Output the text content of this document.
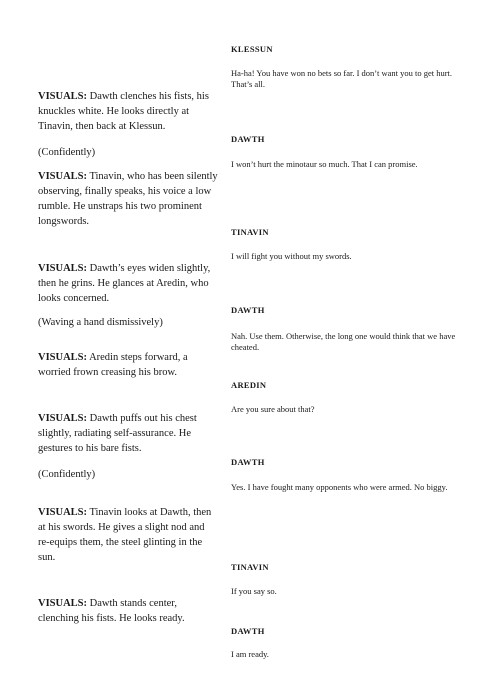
VISUALS: Dawth clenches his fists, his knuckles white. He looks directly at Tinavin, then back at Klessun.
(Confidently)
VISUALS: Tinavin, who has been silently observing, finally speaks, his voice a low rumble. He unstraps his two prominent longswords.
VISUALS: Dawth’s eyes widen slightly, then he grins. He glances at Aredin, who looks concerned.
(Waving a hand dismissively)
VISUALS: Aredin steps forward, a worried frown creasing his brow.
VISUALS: Dawth puffs out his chest slightly, radiating self-assurance. He gestures to his bare fists.
(Confidently)
VISUALS: Tinavin looks at Dawth, then at his swords. He gives a slight nod and re-equips them, the steel glinting in the sun.
VISUALS: Dawth stands center, clenching his fists. He looks ready.
KLESSUN
Ha-ha! You have won no bets so far. I don’t want you to get hurt. That’s all.
DAWTH
I won’t hurt the minotaur so much. That I can promise.
TINAVIN
I will fight you without my swords.
DAWTH
Nah. Use them. Otherwise, the long one would think that we have cheated.
AREDIN
Are you sure about that?
DAWTH
Yes. I have fought many opponents who were armed. No biggy.
TINAVIN
If you say so.
DAWTH
I am ready.
